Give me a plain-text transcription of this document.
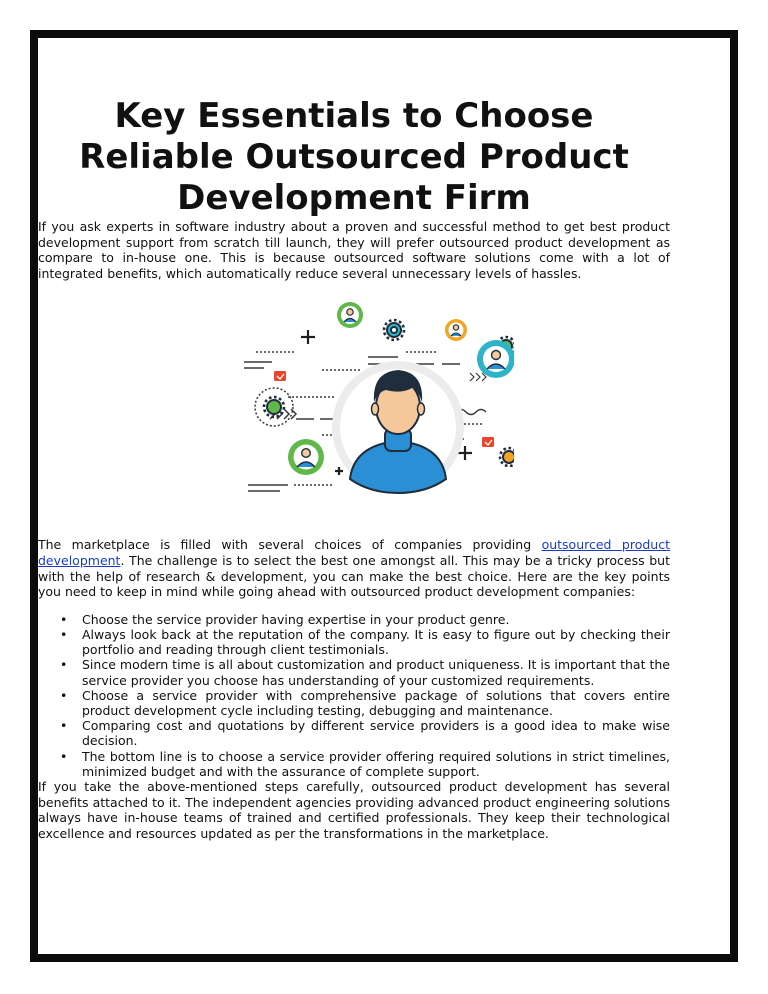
Key Essentials to Choose Reliable Outsourced Product Development Firm

If you ask experts in software industry about a proven and successful method to get best product development support from scratch till launch, they will prefer outsourced product development as compare to in-house one. This is because outsourced software solutions come with a lot of integrated benefits, which automatically reduce several unnecessary levels of hassles.

The marketplace is filled with several choices of companies providing outsourced product development. The challenge is to select the best one amongst all. This may be a tricky process but with the help of research & development, you can make the best choice. Here are the key points you need to keep in mind while going ahead with outsourced product development companies:

• Choose the service provider having expertise in your product genre.
• Always look back at the reputation of the company. It is easy to figure out by checking their portfolio and reading through client testimonials.
• Since modern time is all about customization and product uniqueness. It is important that the service provider you choose has understanding of your customized requirements.
• Choose a service provider with comprehensive package of solutions that covers entire product development cycle including testing, debugging and maintenance.
• Comparing cost and quotations by different service providers is a good idea to make wise decision.
• The bottom line is to choose a service provider offering required solutions in strict timelines, minimized budget and with the assurance of complete support.

If you take the above-mentioned steps carefully, outsourced product development has several benefits attached to it. The independent agencies providing advanced product engineering solutions always have in-house teams of trained and certified professionals. They keep their technological excellence and resources updated as per the transformations in the marketplace.
